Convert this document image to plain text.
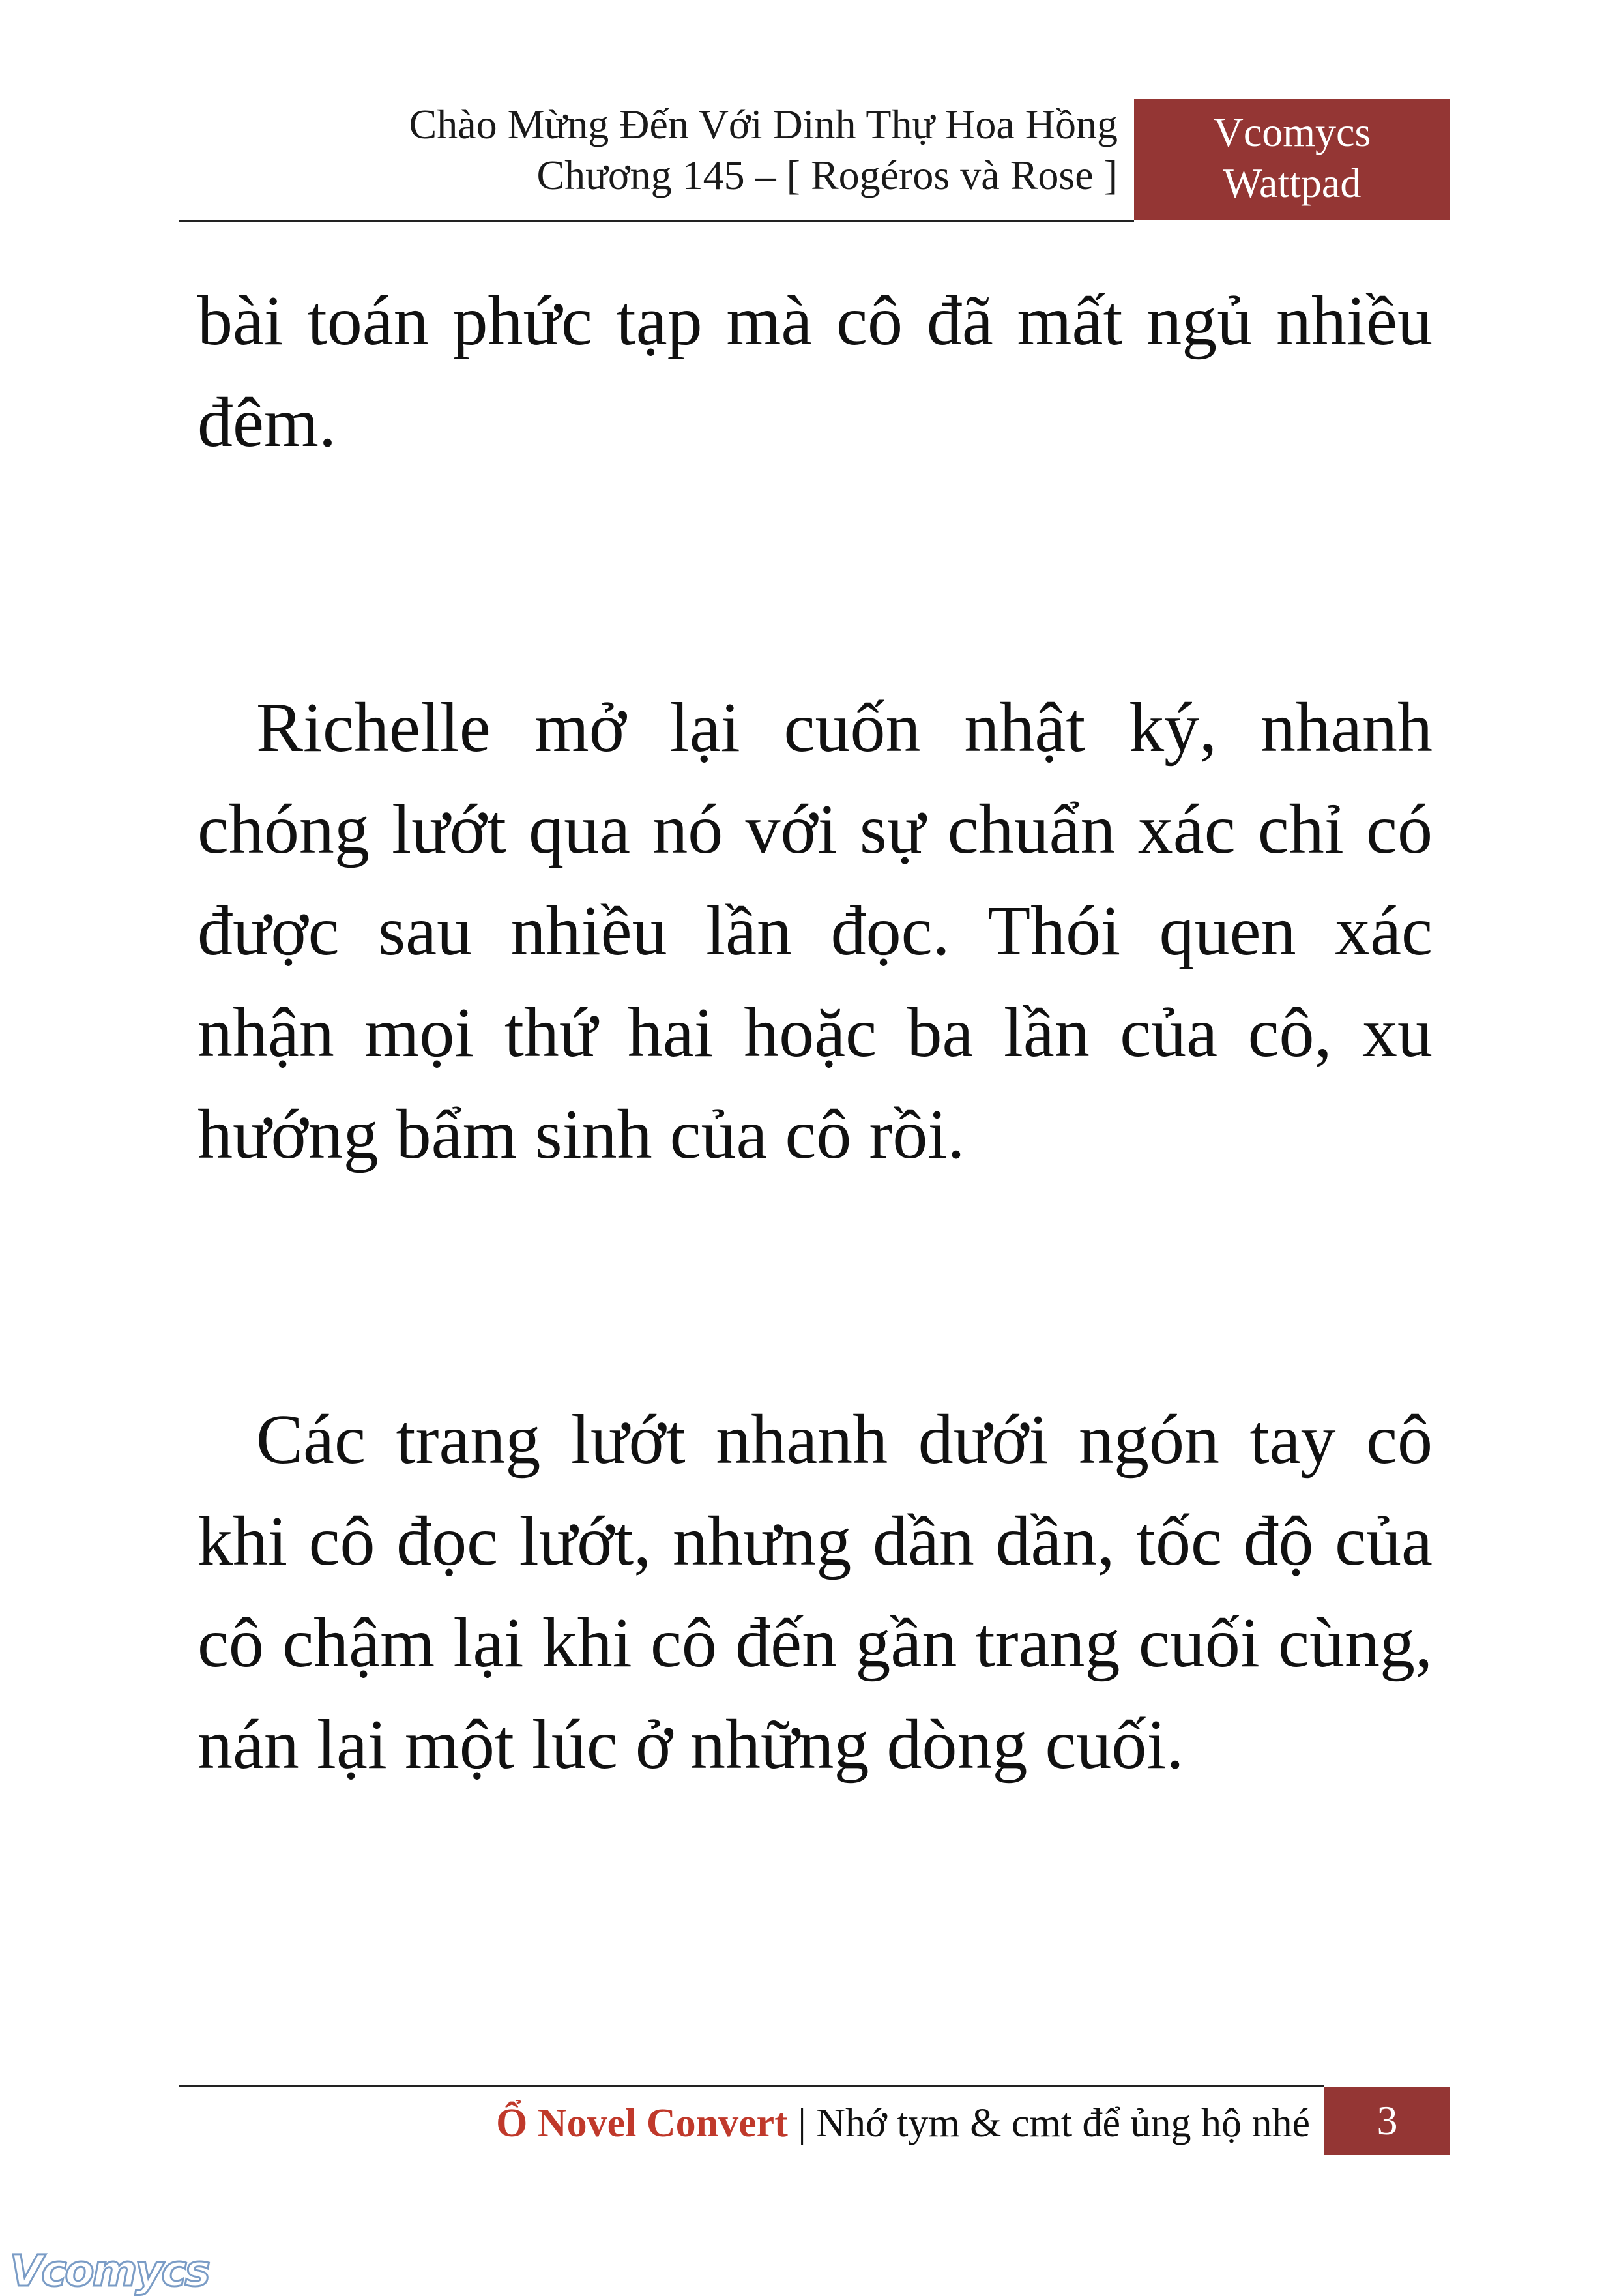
Chào Mừng Đến Với Dinh Thự Hoa Hồng
Chương 145 – [ Rogéros và Rose ]
Vcomycs
Wattpad

bài toán phức tạp mà cô đã mất ngủ nhiều đêm.

Richelle mở lại cuốn nhật ký, nhanh chóng lướt qua nó với sự chuẩn xác chỉ có được sau nhiều lần đọc. Thói quen xác nhận mọi thứ hai hoặc ba lần của cô, xu hướng bẩm sinh của cô rồi.

Các trang lướt nhanh dưới ngón tay cô khi cô đọc lướt, nhưng dần dần, tốc độ của cô chậm lại khi cô đến gần trang cuối cùng, nán lại một lúc ở những dòng cuối.

Ổ Novel Convert | Nhớ tym & cmt để ủng hộ nhé	3
Vcomycs
